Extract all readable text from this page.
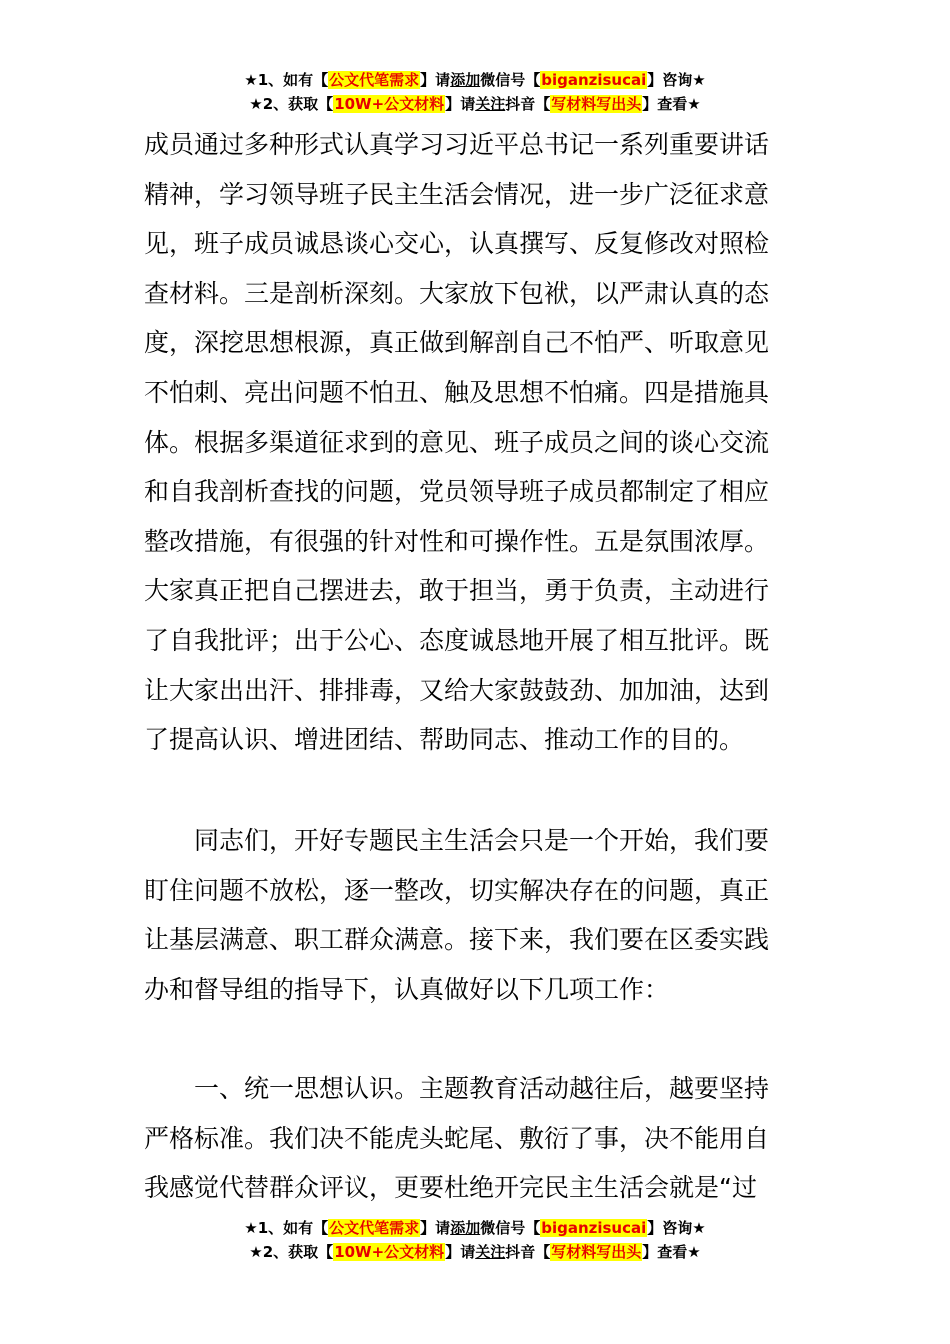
★1、如有【公文代笔需求】请添加微信号【biganzisucai】咨询★
★2、获取【10W+公文材料】请关注抖音【写材料写出头】查看★

成员通过多种形式认真学习习近平总书记一系列重要讲话
精神，学习领导班子民主生活会情况，进一步广泛征求意
见，班子成员诚恳谈心交心，认真撰写、反复修改对照检
查材料。三是剖析深刻。大家放下包袱，以严肃认真的态
度，深挖思想根源，真正做到解剖自己不怕严、听取意见
不怕刺、亮出问题不怕丑、触及思想不怕痛。四是措施具
体。根据多渠道征求到的意见、班子成员之间的谈心交流
和自我剖析查找的问题，党员领导班子成员都制定了相应
整改措施，有很强的针对性和可操作性。五是氛围浓厚。
大家真正把自己摆进去，敢于担当，勇于负责，主动进行
了自我批评；出于公心、态度诚恳地开展了相互批评。既
让大家出出汗、排排毒，又给大家鼓鼓劲、加加油，达到
了提高认识、增进团结、帮助同志、推动工作的目的。

同志们，开好专题民主生活会只是一个开始，我们要
盯住问题不放松，逐一整改，切实解决存在的问题，真正
让基层满意、职工群众满意。接下来，我们要在区委实践
办和督导组的指导下，认真做好以下几项工作：

一、统一思想认识。主题教育活动越往后，越要坚持
严格标准。我们决不能虎头蛇尾、敷衍了事，决不能用自
我感觉代替群众评议，更要杜绝开完民主生活会就是“过

★1、如有【公文代笔需求】请添加微信号【biganzisucai】咨询★
★2、获取【10W+公文材料】请关注抖音【写材料写出头】查看★
